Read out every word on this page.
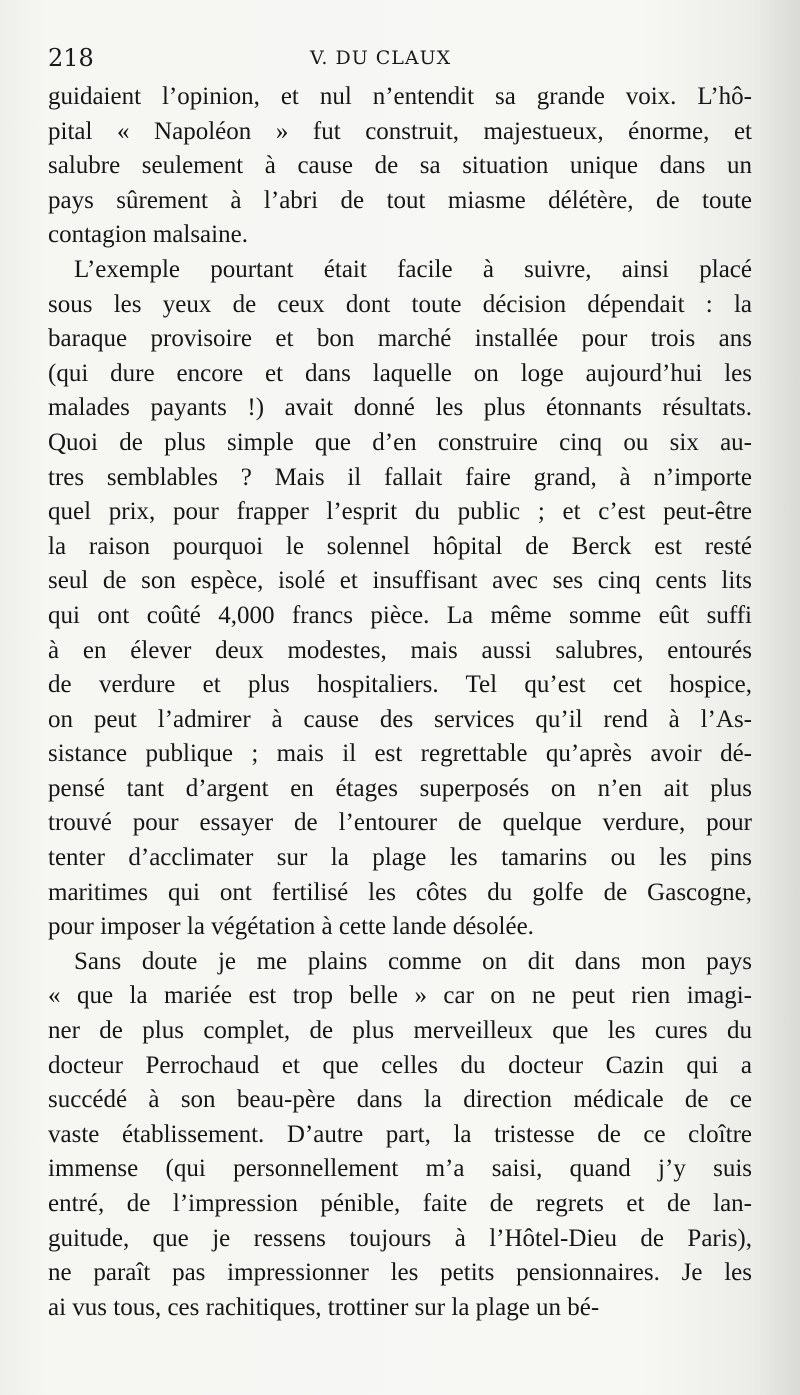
218	V. DU CLAUX
guidaient l’opinion, et nul n’entendit sa grande voix. L’hô-
pital « Napoléon » fut construit, majestueux, énorme, et
salubre seulement à cause de sa situation unique dans un
pays sûrement à l’abri de tout miasme délétère, de toute
contagion malsaine.
L’exemple pourtant était facile à suivre, ainsi placé
sous les yeux de ceux dont toute décision dépendait : la
baraque provisoire et bon marché installée pour trois ans
(qui dure encore et dans laquelle on loge aujourd’hui les
malades payants !) avait donné les plus étonnants résultats.
Quoi de plus simple que d’en construire cinq ou six au-
tres semblables ? Mais il fallait faire grand, à n’importe
quel prix, pour frapper l’esprit du public ; et c’est peut-être
la raison pourquoi le solennel hôpital de Berck est resté
seul de son espèce, isolé et insuffisant avec ses cinq cents lits
qui ont coûté 4,000 francs pièce. La même somme eût suffi
à en élever deux modestes, mais aussi salubres, entourés
de verdure et plus hospitaliers. Tel qu’est cet hospice,
on peut l’admirer à cause des services qu’il rend à l’As-
sistance publique ; mais il est regrettable qu’après avoir dé-
pensé tant d’argent en étages superposés on n’en ait plus
trouvé pour essayer de l’entourer de quelque verdure, pour
tenter d’acclimater sur la plage les tamarins ou les pins
maritimes qui ont fertilisé les côtes du golfe de Gascogne,
pour imposer la végétation à cette lande désolée.
Sans doute je me plains comme on dit dans mon pays
« que la mariée est trop belle » car on ne peut rien imagi-
ner de plus complet, de plus merveilleux que les cures du
docteur Perrochaud et que celles du docteur Cazin qui a
succédé à son beau-père dans la direction médicale de ce
vaste établissement. D’autre part, la tristesse de ce cloître
immense (qui personnellement m’a saisi, quand j’y suis
entré, de l’impression pénible, faite de regrets et de lan-
guitude, que je ressens toujours à l’Hôtel-Dieu de Paris),
ne paraît pas impressionner les petits pensionnaires. Je les
ai vus tous, ces rachitiques, trottiner sur la plage un bé-
